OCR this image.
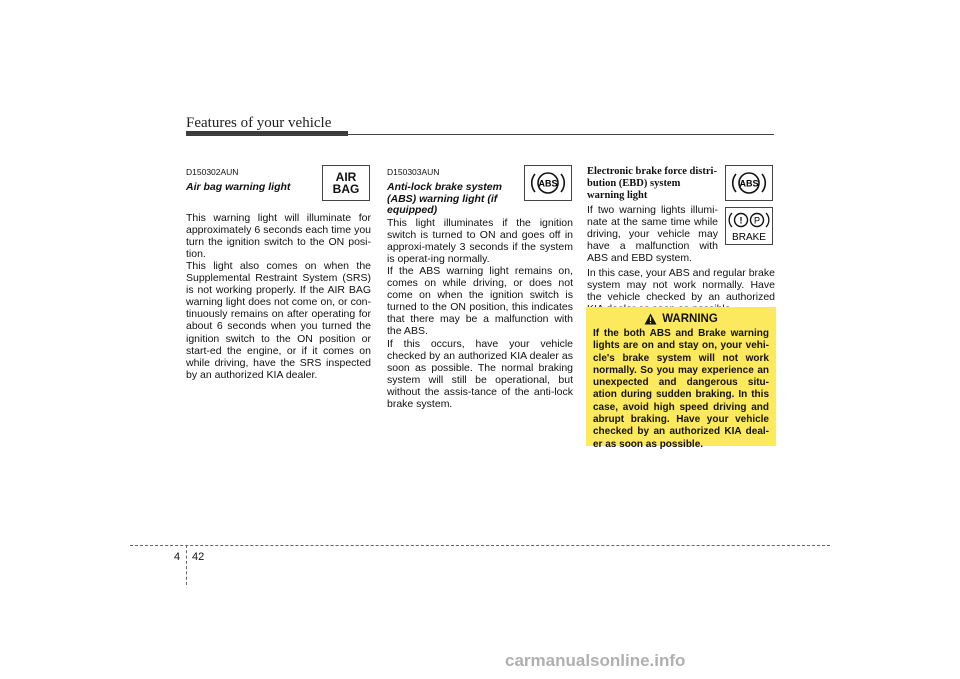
Features of your vehicle
D150302AUN
Air bag warning light

This warning light will illuminate for approximately 6 seconds each time you turn the ignition switch to the ON posi-tion.

This light also comes on when the Supplemental Restraint System (SRS) is not working properly. If the AIR BAG warning light does not come on, or con-tinuously remains on after operating for about 6 seconds when you turned the ignition switch to the ON position or start-ed the engine, or if it comes on while driving, have the SRS inspected by an authorized KIA dealer.

AIR BAG
D150303AUN
Anti-lock brake system (ABS) warning light (if equipped)

This light illuminates if the ignition switch is turned to ON and goes off in approxi-mately 3 seconds if the system is operat-ing normally.

If the ABS warning light remains on, comes on while driving, or does not come on when the ignition switch is turned to the ON position, this indicates that there may be a malfunction with the ABS.

If this occurs, have your vehicle checked by an authorized KIA dealer as soon as possible. The normal braking system will still be operational, but without the assis-tance of the anti-lock brake system.

ABS
Electronic brake force distri-bution (EBD) system warning light

If two warning lights illumi-nate at the same time while driving, your vehicle may have a malfunction with ABS and EBD system.

In this case, your ABS and regular brake system may not work normally. Have the vehicle checked by an authorized

ABS
! P
BRAKE
WARNING
If the both ABS and Brake warning lights are on and stay on, your vehi-cle's brake system will not work normally. So you may experience an unexpected and dangerous situ-ation during sudden braking. In this case, avoid high speed driving and abrupt braking. Have your vehicle checked by an authorized KIA deal-er as soon as possible.
4 42
carmanualsonline.info
